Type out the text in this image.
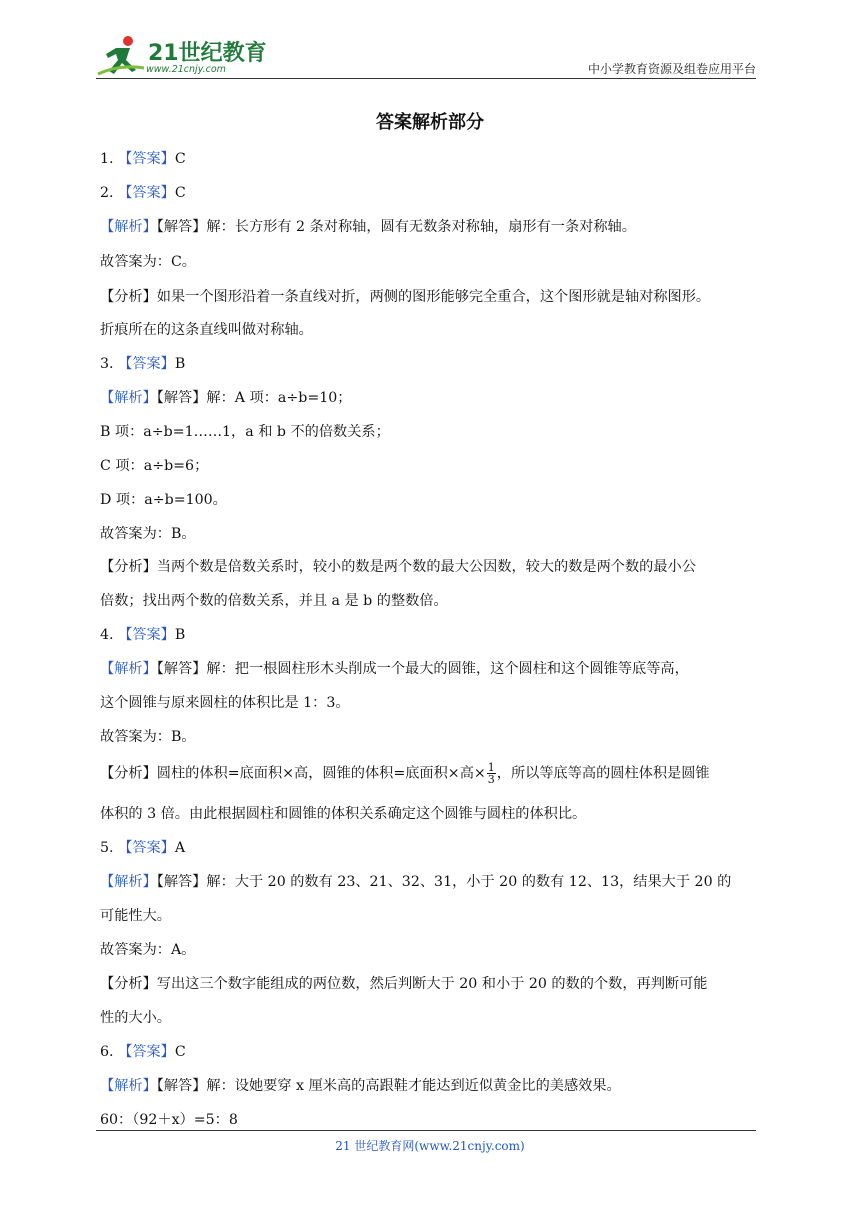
21世纪教育
www.21cnjy.com	中小学教育资源及组卷应用平台
答案解析部分
1. 【答案】C
2. 【答案】C
【解析】【解答】解：长方形有 2 条对称轴，圆有无数条对称轴，扇形有一条对称轴。
故答案为：C。
【分析】如果一个图形沿着一条直线对折，两侧的图形能够完全重合，这个图形就是轴对称图形。
折痕所在的这条直线叫做对称轴。
3. 【答案】B
【解析】【解答】解：A 项：a÷b=10；
B 项：a÷b=1……1，a 和 b 不的倍数关系；
C 项：a÷b=6；
D 项：a÷b=100。
故答案为：B。
【分析】当两个数是倍数关系时，较小的数是两个数的最大公因数，较大的数是两个数的最小公
倍数；找出两个数的倍数关系，并且 a 是 b 的整数倍。
4. 【答案】B
【解析】【解答】解：把一根圆柱形木头削成一个最大的圆锥，这个圆柱和这个圆锥等底等高，
这个圆锥与原来圆柱的体积比是 1：3。
故答案为：B。
【分析】圆柱的体积=底面积×高，圆锥的体积=底面积×高× $\frac{1}{3}$ ，所以等底等高的圆柱体积是圆锥
体积的 3 倍。由此根据圆柱和圆锥的体积关系确定这个圆锥与圆柱的体积比。
5. 【答案】A
【解析】【解答】解：大于 20 的数有 23、21、32、31，小于 20 的数有 12、13，结果大于 20 的
可能性大。
故答案为：A。
【分析】写出这三个数字能组成的两位数，然后判断大于 20 和小于 20 的数的个数，再判断可能
性的大小。
6. 【答案】C
【解析】【解答】解：设她要穿 x 厘米高的高跟鞋才能达到近似黄金比的美感效果。
60：（92＋x）=5：8
21 世纪教育网(www.21cnjy.com)
